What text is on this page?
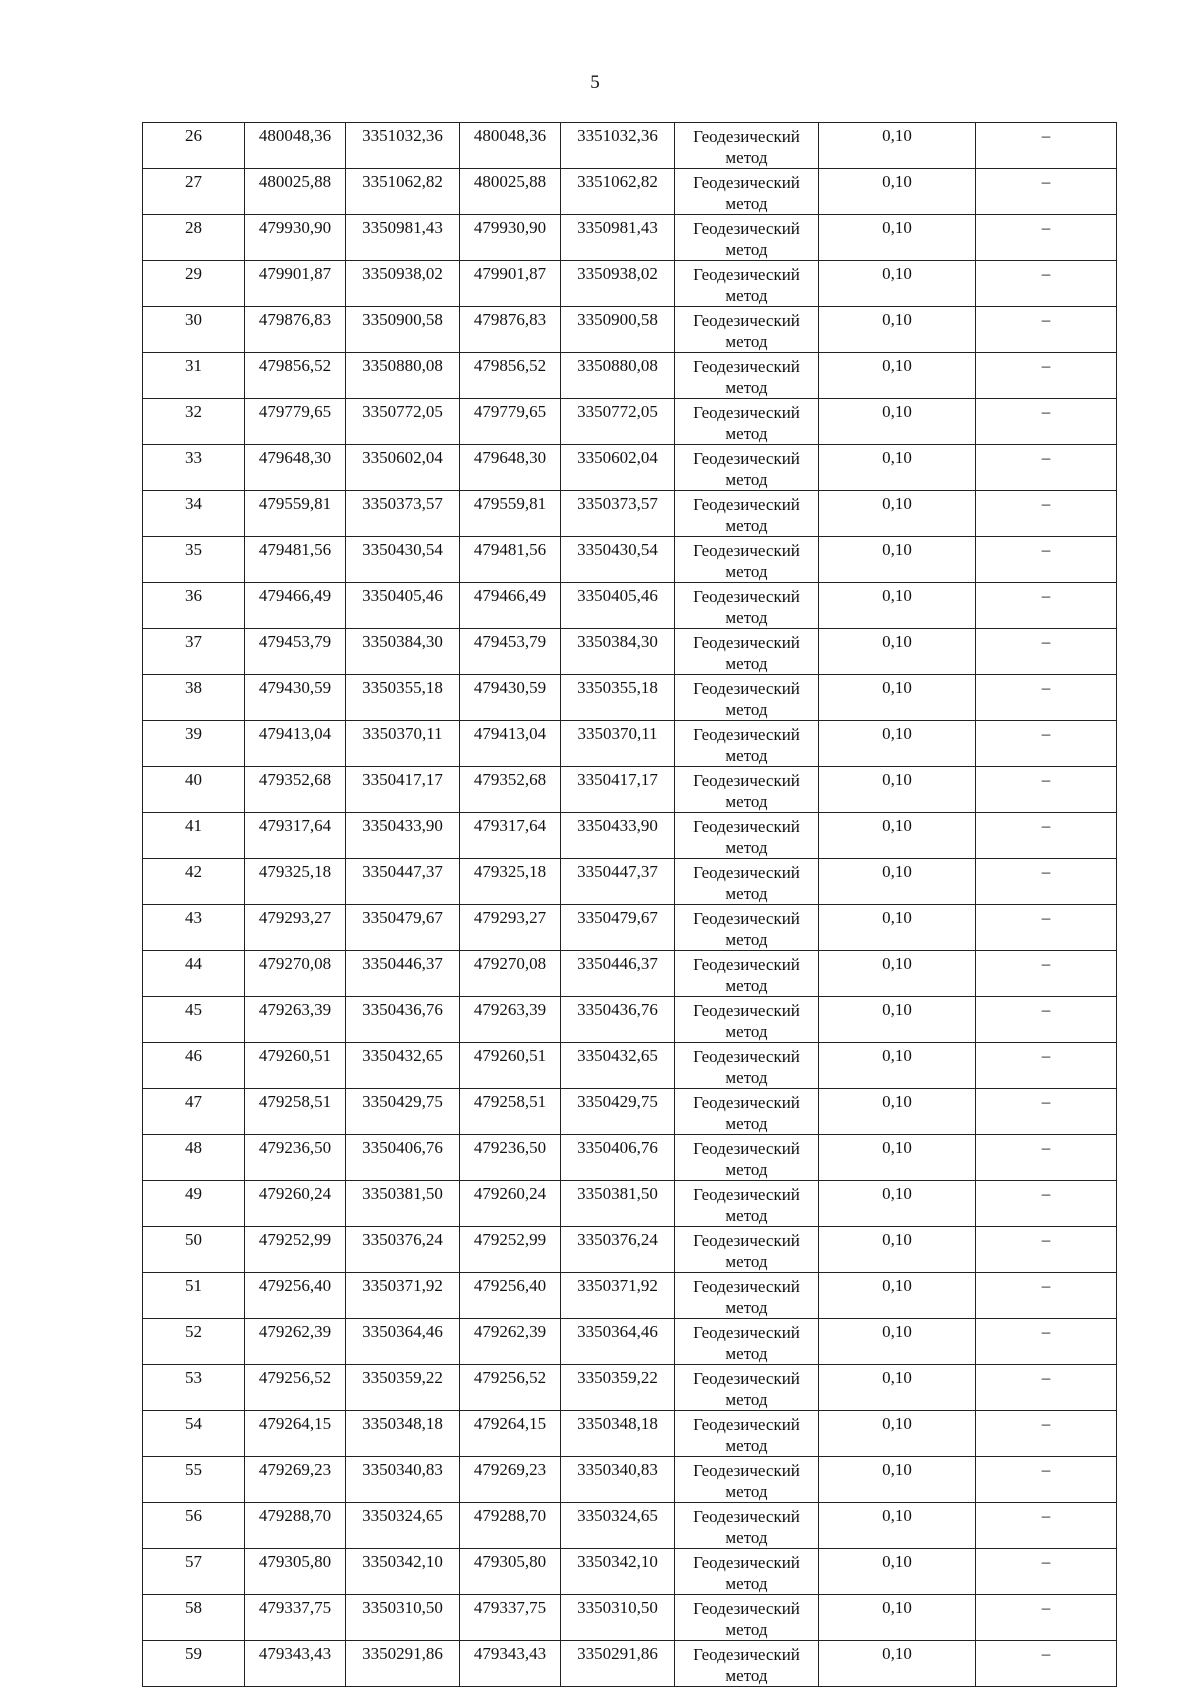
5
26	480048,36	3351032,36	480048,36	3351032,36	Геодезический
метод	0,10	–
27	480025,88	3351062,82	480025,88	3351062,82	Геодезический
метод	0,10	–
28	479930,90	3350981,43	479930,90	3350981,43	Геодезический
метод	0,10	–
29	479901,87	3350938,02	479901,87	3350938,02	Геодезический
метод	0,10	–
30	479876,83	3350900,58	479876,83	3350900,58	Геодезический
метод	0,10	–
31	479856,52	3350880,08	479856,52	3350880,08	Геодезический
метод	0,10	–
32	479779,65	3350772,05	479779,65	3350772,05	Геодезический
метод	0,10	–
33	479648,30	3350602,04	479648,30	3350602,04	Геодезический
метод	0,10	–
34	479559,81	3350373,57	479559,81	3350373,57	Геодезический
метод	0,10	–
35	479481,56	3350430,54	479481,56	3350430,54	Геодезический
метод	0,10	–
36	479466,49	3350405,46	479466,49	3350405,46	Геодезический
метод	0,10	–
37	479453,79	3350384,30	479453,79	3350384,30	Геодезический
метод	0,10	–
38	479430,59	3350355,18	479430,59	3350355,18	Геодезический
метод	0,10	–
39	479413,04	3350370,11	479413,04	3350370,11	Геодезический
метод	0,10	–
40	479352,68	3350417,17	479352,68	3350417,17	Геодезический
метод	0,10	–
41	479317,64	3350433,90	479317,64	3350433,90	Геодезический
метод	0,10	–
42	479325,18	3350447,37	479325,18	3350447,37	Геодезический
метод	0,10	–
43	479293,27	3350479,67	479293,27	3350479,67	Геодезический
метод	0,10	–
44	479270,08	3350446,37	479270,08	3350446,37	Геодезический
метод	0,10	–
45	479263,39	3350436,76	479263,39	3350436,76	Геодезический
метод	0,10	–
46	479260,51	3350432,65	479260,51	3350432,65	Геодезический
метод	0,10	–
47	479258,51	3350429,75	479258,51	3350429,75	Геодезический
метод	0,10	–
48	479236,50	3350406,76	479236,50	3350406,76	Геодезический
метод	0,10	–
49	479260,24	3350381,50	479260,24	3350381,50	Геодезический
метод	0,10	–
50	479252,99	3350376,24	479252,99	3350376,24	Геодезический
метод	0,10	–
51	479256,40	3350371,92	479256,40	3350371,92	Геодезический
метод	0,10	–
52	479262,39	3350364,46	479262,39	3350364,46	Геодезический
метод	0,10	–
53	479256,52	3350359,22	479256,52	3350359,22	Геодезический
метод	0,10	–
54	479264,15	3350348,18	479264,15	3350348,18	Геодезический
метод	0,10	–
55	479269,23	3350340,83	479269,23	3350340,83	Геодезический
метод	0,10	–
56	479288,70	3350324,65	479288,70	3350324,65	Геодезический
метод	0,10	–
57	479305,80	3350342,10	479305,80	3350342,10	Геодезический
метод	0,10	–
58	479337,75	3350310,50	479337,75	3350310,50	Геодезический
метод	0,10	–
59	479343,43	3350291,86	479343,43	3350291,86	Геодезический
метод	0,10	–
